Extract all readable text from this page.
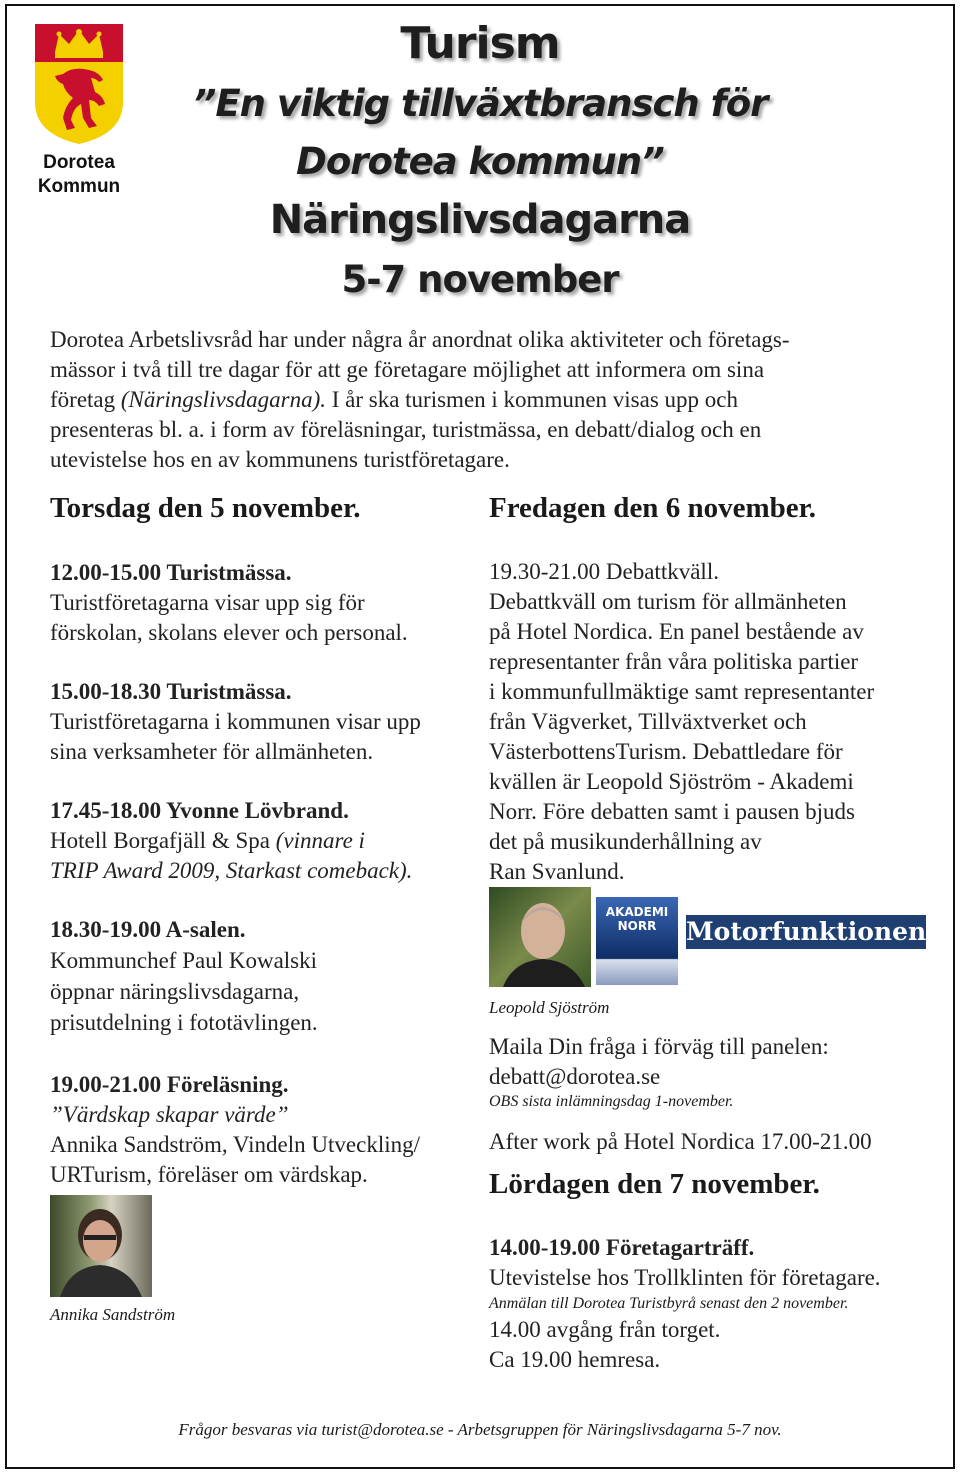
Dorotea
Kommun
Turism
”En viktig tillväxtbransch för
Dorotea kommun”
Näringslivsdagarna
5-7 november

Dorotea Arbetslivsråd har under några år anordnat olika aktiviteter och företags-

mässor i två till tre dagar för att ge företagare möjlighet att informera om sina

företag (Näringslivsdagarna). I år ska turismen i kommunen visas upp och

presenteras bl. a. i form av föreläsningar, turistmässa, en debatt/dialog och en

utevistelse hos en av kommunens turistföretagare.

Torsdag den 5 november.
12.00-15.00 Turistmässa.
Turistföretagarna visar upp sig för
förskolan, skolans elever och personal.
15.00-18.30 Turistmässa.
Turistföretagarna i kommunen visar upp
sina verksamheter för allmänheten.
17.45-18.00 Yvonne Lövbrand.
Hotell Borgafjäll & Spa (vinnare i
TRIP Award 2009, Starkast comeback).
18.30-19.00 A-salen.
Kommunchef Paul Kowalski
öppnar näringslivsdagarna,
prisutdelning i fototävlingen.
19.00-21.00 Föreläsning.
”Värdskap skapar värde”
Annika Sandström, Vindeln Utveckling/
URTurism, föreläser om värdskap.
Annika Sandström
Fredagen den 6 november.
19.30-21.00 Debattkväll.
Debattkväll om turism för allmänheten
på Hotel Nordica. En panel bestående av
representanter från våra politiska partier
i kommunfullmäktige samt representanter
från Vägverket, Tillväxtverket och
VästerbottensTurism. Debattledare för
kvällen är Leopold Sjöström - Akademi
Norr. Före debatten samt i pausen bjuds
det på musikunderhållning av
Ran Svanlund.
Leopold Sjöström
AKADEMI
NORR	Motorfunktionen
Maila Din fråga i förväg till panelen:
debatt@dorotea.se
OBS sista inlämningsdag 1-november.
After work på Hotel Nordica 17.00-21.00
Lördagen den 7 november.
14.00-19.00 Företagarträff.
Utevistelse hos Trollklinten för företagare.
Anmälan till Dorotea Turistbyrå senast den 2 november.
14.00 avgång från torget.
Ca 19.00 hemresa.
Frågor besvaras via turist@dorotea.se - Arbetsgruppen för Näringslivsdagarna 5-7 nov.
